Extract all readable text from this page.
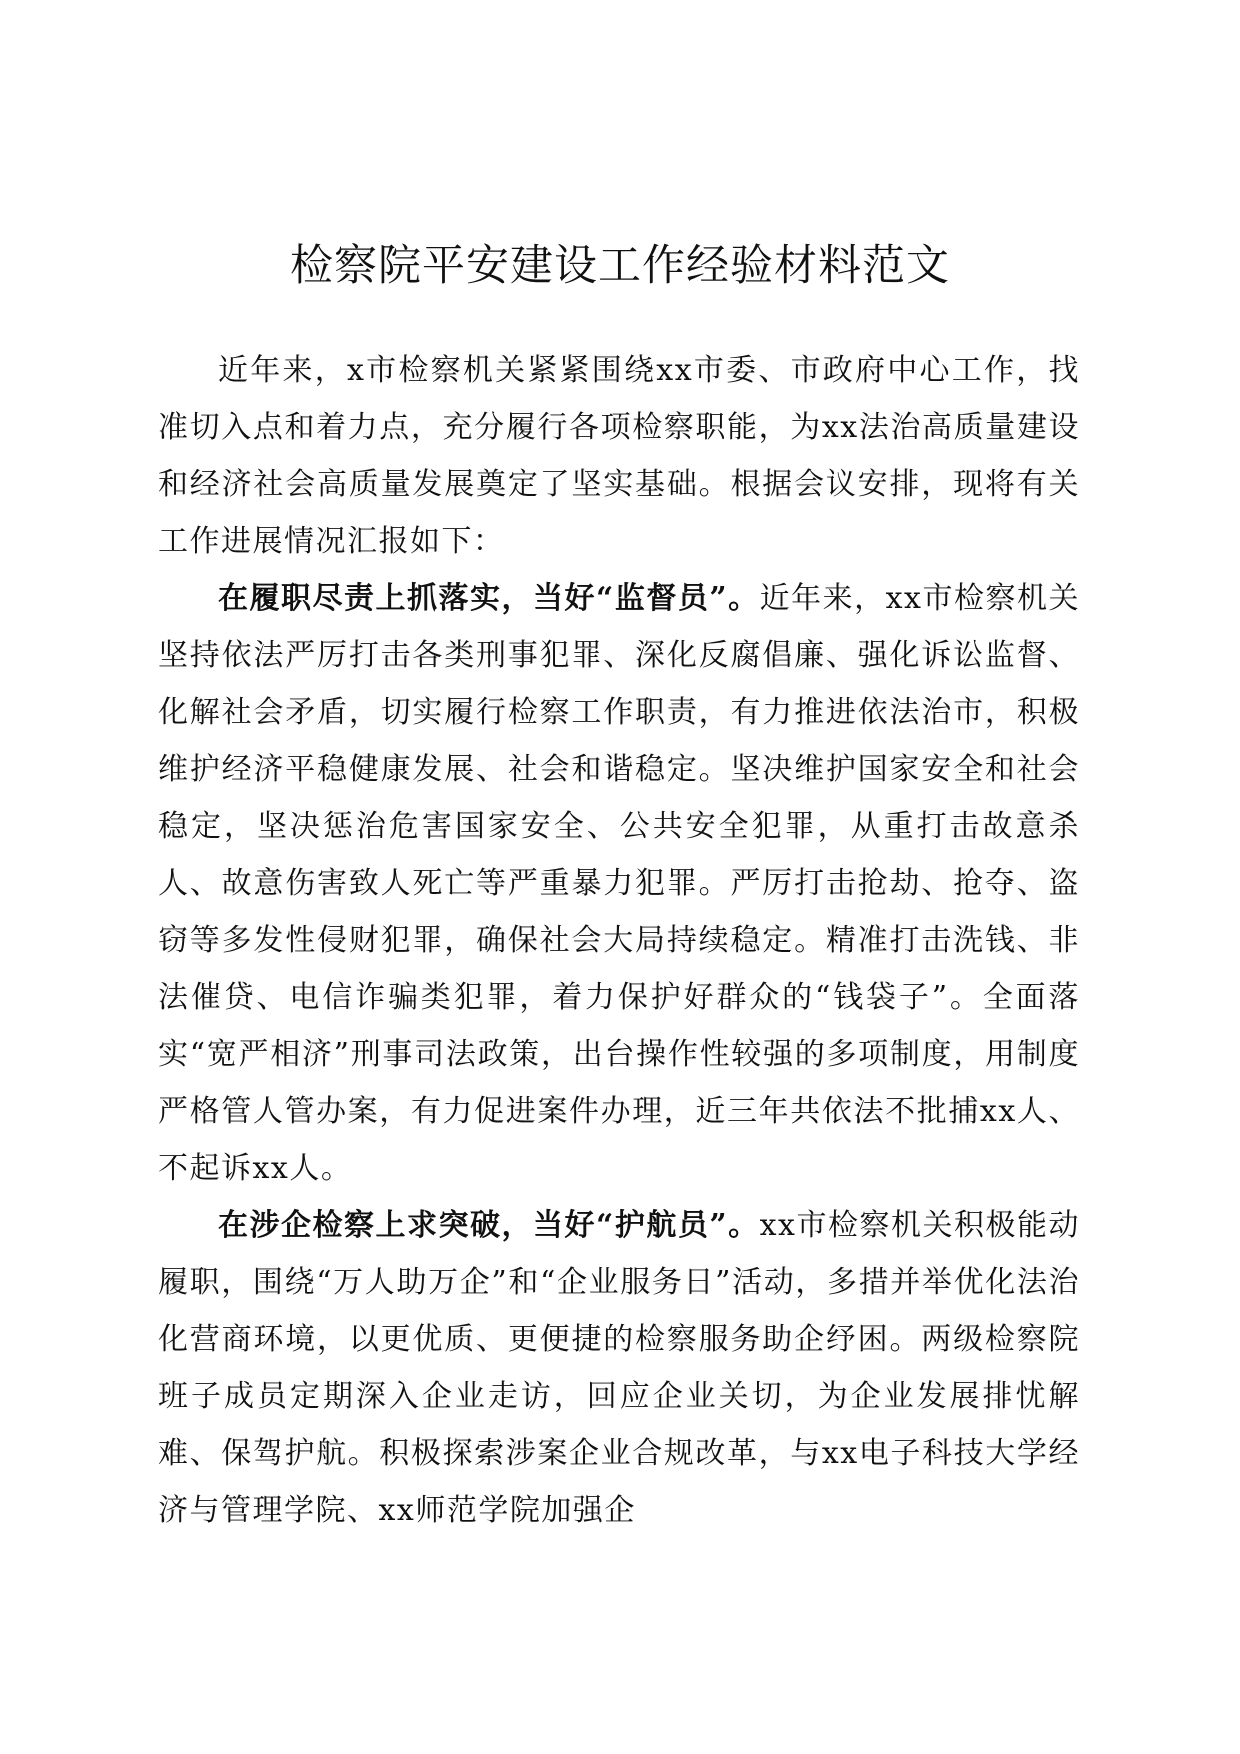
检察院平安建设工作经验材料范文

近年来，x市检察机关紧紧围绕xx市委、市政府中心工作，找准切入点和着力点，充分履行各项检察职能，为xx法治高质量建设和经济社会高质量发展奠定了坚实基础。根据会议安排，现将有关工作进展情况汇报如下：

在履职尽责上抓落实，当好“监督员”。近年来，xx市检察机关坚持依法严厉打击各类刑事犯罪、深化反腐倡廉、强化诉讼监督、化解社会矛盾，切实履行检察工作职责，有力推进依法治市，积极维护经济平稳健康发展、社会和谐稳定。坚决维护国家安全和社会稳定，坚决惩治危害国家安全、公共安全犯罪，从重打击故意杀人、故意伤害致人死亡等严重暴力犯罪。严厉打击抢劫、抢夺、盗窃等多发性侵财犯罪，确保社会大局持续稳定。精准打击洗钱、非法催贷、电信诈骗类犯罪，着力保护好群众的“钱袋子”。全面落实“宽严相济”刑事司法政策，出台操作性较强的多项制度，用制度严格管人管办案，有力促进案件办理，近三年共依法不批捕xx人、不起诉xx人。

在涉企检察上求突破，当好“护航员”。xx市检察机关积极能动履职，围绕“万人助万企”和“企业服务日”活动，多措并举优化法治化营商环境，以更优质、更便捷的检察服务助企纾困。两级检察院班子成员定期深入企业走访，回应企业关切，为企业发展排忧解难、保驾护航。积极探索涉案企业合规改革，与xx电子科技大学经济与管理学院、xx师范学院加强企
